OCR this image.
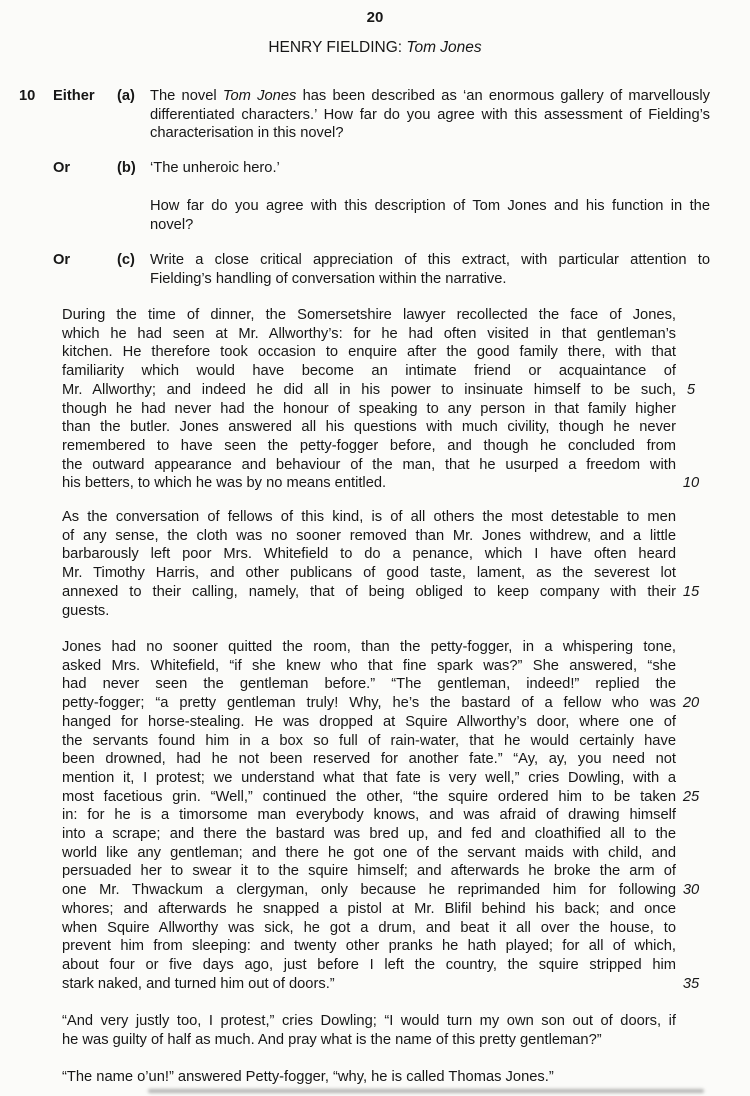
20
HENRY FIELDING: Tom Jones
10 Either (a) The novel Tom Jones has been described as ‘an enormous gallery of marvellously
differentiated characters.’ How far do you agree with this assessment of Fielding’s
characterisation in this novel?
Or	(b) ‘The unheroic hero.’
How far do you agree with this description of Tom Jones and his function in the
novel?
Or	(c) Write a close critical appreciation of this extract, with particular attention to
Fielding’s handling of conversation within the narrative.
During the time of dinner, the Somersetshire lawyer recollected the face of Jones,
which he had seen at Mr. Allworthy’s: for he had often visited in that gentleman’s
kitchen. He therefore took occasion to enquire after the good family there, with that
familiarity which would have become an intimate friend or acquaintance of
Mr. Allworthy; and indeed he did all in his power to insinuate himself to be such, 5
though he had never had the honour of speaking to any person in that family higher
than the butler. Jones answered all his questions with much civility, though he never
remembered to have seen the petty-fogger before, and though he concluded from
the outward appearance and behaviour of the man, that he usurped a freedom with
his betters, to which he was by no means entitled.	10
As the conversation of fellows of this kind, is of all others the most detestable to men
of any sense, the cloth was no sooner removed than Mr. Jones withdrew, and a little
barbarously left poor Mrs. Whitefield to do a penance, which I have often heard
Mr. Timothy Harris, and other publicans of good taste, lament, as the severest lot
annexed to their calling, namely, that of being obliged to keep company with their 15
guests.
Jones had no sooner quitted the room, than the petty-fogger, in a whispering tone,
asked Mrs. Whitefield, “if she knew who that fine spark was?” She answered, “she
had never seen the gentleman before.” “The gentleman, indeed!” replied the
petty-fogger; “a pretty gentleman truly! Why, he’s the bastard of a fellow who was 20
hanged for horse-stealing. He was dropped at Squire Allworthy’s door, where one of
the servants found him in a box so full of rain-water, that he would certainly have
been drowned, had he not been reserved for another fate.” “Ay, ay, you need not
mention it, I protest; we understand what that fate is very well,” cries Dowling, with a
most facetious grin. “Well,” continued the other, “the squire ordered him to be taken 25
in: for he is a timorsome man everybody knows, and was afraid of drawing himself
into a scrape; and there the bastard was bred up, and fed and cloathified all to the
world like any gentleman; and there he got one of the servant maids with child, and
persuaded her to swear it to the squire himself; and afterwards he broke the arm of
one Mr. Thwackum a clergyman, only because he reprimanded him for following 30
whores; and afterwards he snapped a pistol at Mr. Blifil behind his back; and once
when Squire Allworthy was sick, he got a drum, and beat it all over the house, to
prevent him from sleeping: and twenty other pranks he hath played; for all of which,
about four or five days ago, just before I left the country, the squire stripped him
stark naked, and turned him out of doors.”	35
“And very justly too, I protest,” cries Dowling; “I would turn my own son out of doors, if
he was guilty of half as much. And pray what is the name of this pretty gentleman?”
“The name o’un!” answered Petty-fogger, “why, he is called Thomas Jones.”
